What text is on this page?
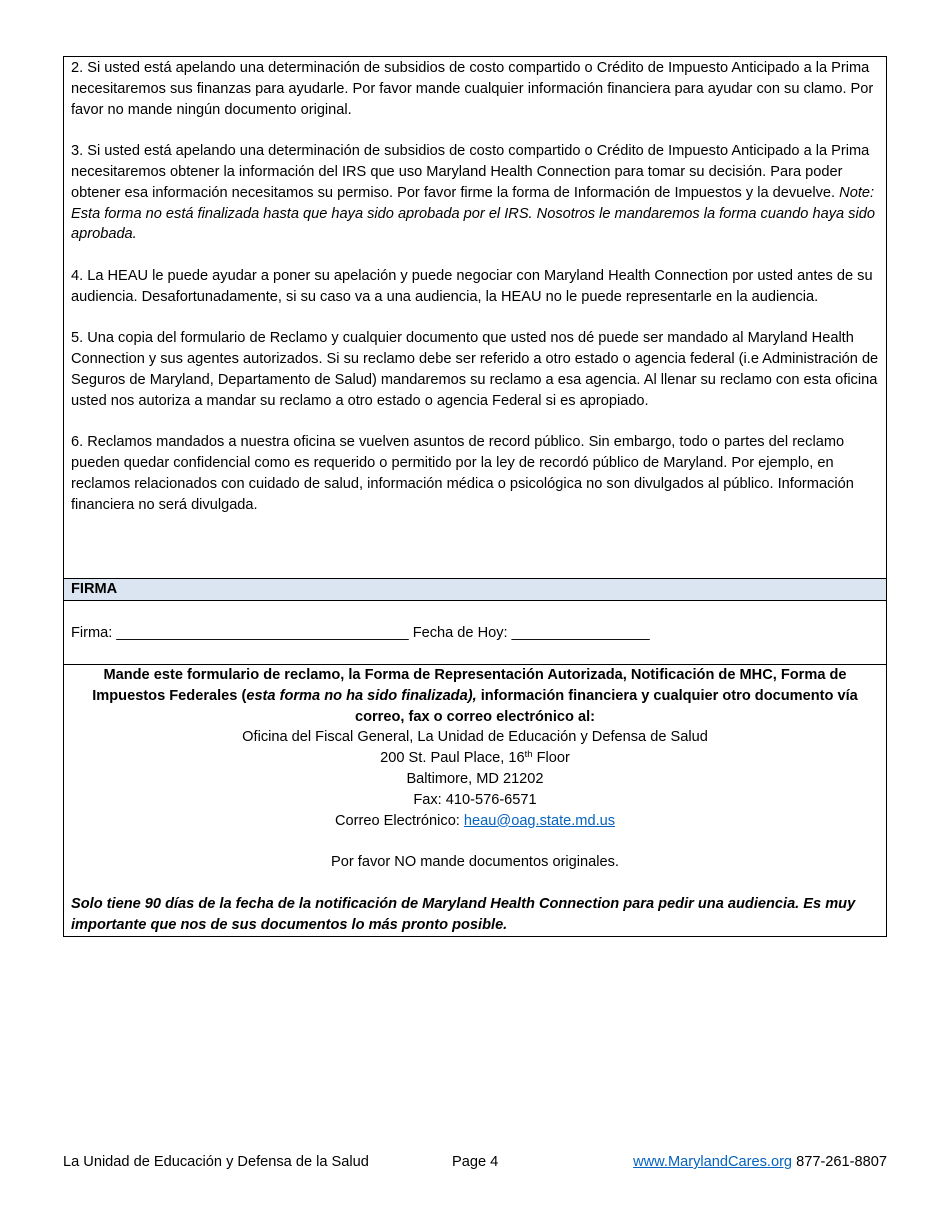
2. Si usted está apelando una determinación de subsidios de costo compartido o Crédito de Impuesto Anticipado a la Prima necesitaremos sus finanzas para ayudarle. Por favor mande cualquier información financiera para ayudar con su clamo. Por favor no mande ningún documento original.

3. Si usted está apelando una determinación de subsidios de costo compartido o Crédito de Impuesto Anticipado a la Prima necesitaremos obtener la información del IRS que uso Maryland Health Connection para tomar su decisión. Para poder obtener esa información necesitamos su permiso. Por favor firme la forma de Información de Impuestos y la devuelve. Note: Esta forma no está finalizada hasta que haya sido aprobada por el IRS. Nosotros le mandaremos la forma cuando haya sido aprobada.

4. La HEAU le puede ayudar a poner su apelación y puede negociar con Maryland Health Connection por usted antes de su audiencia. Desafortunadamente, si su caso va a una audiencia, la HEAU no le puede representarle en la audiencia.

5. Una copia del formulario de Reclamo y cualquier documento que usted nos dé puede ser mandado al Maryland Health Connection y sus agentes autorizados. Si su reclamo debe ser referido a otro estado o agencia federal (i.e Administración de Seguros de Maryland, Departamento de Salud) mandaremos su reclamo a esa agencia. Al llenar su reclamo con esta oficina usted nos autoriza a mandar su reclamo a otro estado o agencia Federal si es apropiado.

6. Reclamos mandados a nuestra oficina se vuelven asuntos de record público. Sin embargo, todo o partes del reclamo pueden quedar confidencial como es requerido o permitido por la ley de recordó público de Maryland. Por ejemplo, en reclamos relacionados con cuidado de salud, información médica o psicológica no son divulgados al público. Información financiera no será divulgada.

FIRMA
Firma: ____________________________________ Fecha de Hoy: _________________
Mande este formulario de reclamo, la Forma de Representación Autorizada, Notificación de MHC, Forma de Impuestos Federales (esta forma no ha sido finalizada), información financiera y cualquier otro documento vía correo, fax o correo electrónico al:
Oficina del Fiscal General, La Unidad de Educación y Defensa de Salud
200 St. Paul Place, 16th Floor
Baltimore, MD 21202
Fax: 410-576-6571
Correo Electrónico: heau@oag.state.md.us
Por favor NO mande documentos originales.
Solo tiene 90 días de la fecha de la notificación de Maryland Health Connection para pedir una audiencia. Es muy importante que nos de sus documentos lo más pronto posible.
La Unidad de Educación y Defensa de la Salud	Page 4	www.MarylandCares.org 877-261-8807
